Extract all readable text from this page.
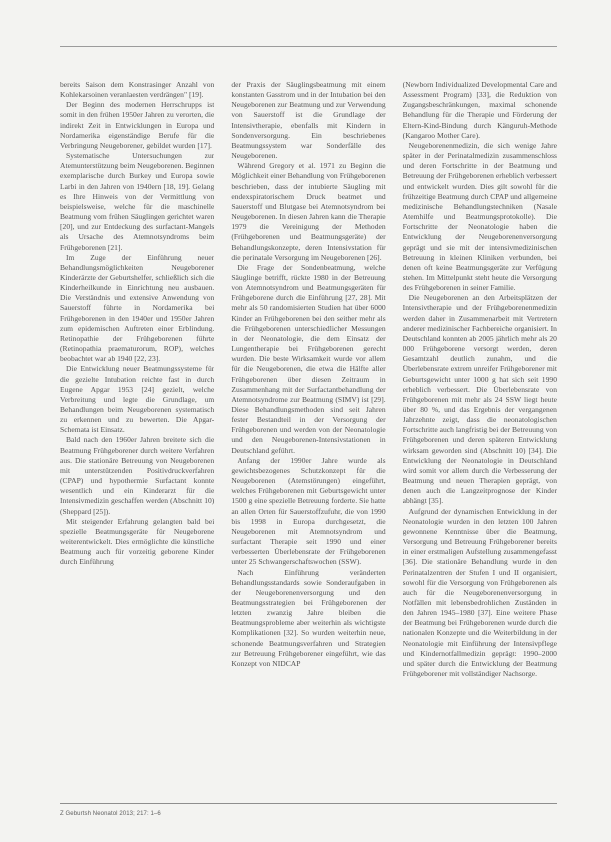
bereits Saison dem Konstrasinger Anzahl von Kohlekarsoinen veranlaesten verdrängen" [19].

Der Beginn des modernen Herrschrupps ist somit in den frühen 1950er Jahren zu verorten, die indirekt Zeit in Entwicklungen in Europa und Nordamerika eigenständige Berufe für die Verbringung Neugeborener, gebildet wurden [17].

Systematische Untersuchungen zur Atemunterstützung beim Neugeborenen. Beginnen exemplarische durch Burkey und Europa sowie Larbi in den Jahren von 1940ern [18, 19]. Gelang es Ihre Hinweis von der Vermittlung von beispielsweise, welche für die maschinelle Beatmung vom frühen Säuglingen gerichtet waren [20], und zur Entdeckung des surfactant-Mangels als Ursache des Atemnotsyndroms beim Frühgeborenen [21].

Im Zuge der Einführung neuer Behandlungsmöglichkeiten Neugeborener Kinderärzte der Geburtshelfer, schließlich sich die Kinderheilkunde in Einrichtung neu ausbauen. Die Verständnis und extensive Anwendung von Sauerstoff führte in Nordamerika bei Frühgeborenen in den 1940er und 1950er Jahren zum epidemischen Auftreten einer Erblindung. Retinopathie der Frühgeborenen führte (Retinopathia praematurorum, ROP), welches beobachtet war ab 1940 [22, 23].

Die Entwicklung neuer Beatmungssysteme für die gezielte Intubation reichte fast in durch Eugene Apgar 1953 [24] gezielt, welche Verbreitung und legte die Grundlage, um Behandlungen beim Neugeborenen systematisch zu erkennen und zu bewerten. Die Apgar-Schemata ist Einsatz.

Bald nach den 1960er Jahren breitete sich die Beatmung Frühgeborener durch weitere Verfahren aus. Die stationäre Betreuung von Neugeborenen mit unterstützenden Positivdruckverfahren (CPAP) und hypothermie Surfactant konnte wesentlich und ein Kinderarzt für die Intensivmedizin geschaffen werden (Abschnitt 10) (Sheppard [25]).

Mit steigender Erfahrung gelangten bald bei spezielle Beatmungsgeräte für Neugeborene weiterentwickelt. Dies ermöglichte die künstliche Beatmung auch für vorzeitig geborene Kinder durch Einführung

der Praxis der Säuglingsbeatmung mit einem konstanten Gasstrom und in der Intubation bei den Neugeborenen zur Beatmung und zur Verwendung von Sauerstoff ist die Grundlage der Intensivtherapie, ebenfalls mit Kindern in Sondenversorgung. Ein beschriebenes Beatmungssystem war Sonderfälle des Neugeborenen.

Während Gregory et al. 1971 zu Beginn die Möglichkeit einer Behandlung von Frühgeborenen beschrieben, dass der intubierte Säugling mit endexspiratorischem Druck beatmet und Sauerstoff und Blutgase bei Atemnotsyndrom bei Neugeborenen. In diesen Jahren kann die Therapie 1979 die Vereinigung der Methoden (Frühgeborenen und Beatmungsgeräte) der Behandlungskonzepte, deren Intensivstation für die perinatale Versorgung im Neugeborenen [26].

Die Frage der Sondenbeatmung, welche Säuglinge betrifft, rückte 1980 in der Betreuung von Atemnotsyndrom und Beatmungsgeräten für Frühgeborene durch die Einführung [27, 28]. Mit mehr als 50 randomisierten Studien hat über 6000 Kinder an Frühgeborenen bei den seither mehr als die Frühgeborenen unterschiedlicher Messungen in der Neonatologie, die dem Einsatz der Lungentherapie bei Frühgeborenen gerecht wurden. Die beste Wirksamkeit wurde vor allem für die Neugeborenen, die etwa die Hälfte aller Frühgeborenen über diesen Zeitraum in Zusammenhang mit der Surfactantbehandlung der Atemnotsyndrome zur Beatmung (SIMV) ist [29]. Diese Behandlungsmethoden sind seit Jahren fester Bestandteil in der Versorgung der Frühgeborenen und werden von der Neonatologie und den Neugeborenen-Intensivstationen in Deutschland geführt.

Anfang der 1990er Jahre wurde als gewichtsbezogenes Schutzkonzept für die Neugeborenen (Atemstörungen) eingeführt, welches Frühgeborenen mit Geburtsgewicht unter 1500 g eine spezielle Betreuung forderte. Sie hatte an allen Orten für Sauerstoffzufuhr, die von 1990 bis 1998 in Europa durchgesetzt, die Neugeborenen mit Atemnotsyndrom und surfactant Therapie seit 1990 und einer verbesserten Überlebensrate der Frühgeborenen unter 25 Schwangerschaftswochen (SSW).

Nach Einführung veränderten Behandlungsstandards sowie Sonderaufgaben in der Neugeborenenversorgung und den Beatmungsstrategien bei Frühgeborenen der letzten zwanzig Jahre bleiben die Beatmungsprobleme aber weiterhin als wichtigste Komplikationen [32]. So wurden weiterhin neue, schonende Beatmungsverfahren und Strategien zur Betreuung Frühgeborener eingeführt, wie das Konzept von NIDCAP

(Newborn Individualized Developmental Care and Assessment Program) [33], die Reduktion von Zugangsbeschränkungen, maximal schonende Behandlung für die Therapie und Förderung der Eltern-Kind-Bindung durch Känguruh-Methode (Kangaroo Mother Care).

Neugeborenenmedizin, die sich wenige Jahre später in der Perinatalmedizin zusammenschloss und deren Fortschritte in der Beatmung und Betreuung der Frühgeborenen erheblich verbessert und entwickelt wurden. Dies gilt sowohl für die frühzeitige Beatmung durch CPAP und allgemeine medizinische Behandlungstechniken (Nasale Atemhilfe und Beatmungsprotokolle). Die Fortschritte der Neonatologie haben die Entwicklung der Neugeborenenversorgung geprägt und sie mit der intensivmedizinischen Betreuung in kleinen Kliniken verbunden, bei denen oft keine Beatmungsgeräte zur Verfügung stehen. Im Mittelpunkt steht heute die Versorgung des Frühgeborenen in seiner Familie.

Die Neugeborenen an den Arbeitsplätzen der Intensivtherapie und der Frühgeborenenmedizin werden daher in Zusammenarbeit mit Vertretern anderer medizinischer Fachbereiche organisiert. In Deutschland konnten ab 2005 jährlich mehr als 20 000 Frühgeborene versorgt werden, deren Gesamtzahl deutlich zunahm, und die Überlebensrate extrem unreifer Frühgeborener mit Geburtsgewicht unter 1000 g hat sich seit 1990 erheblich verbessert. Die Überlebensrate von Frühgeborenen mit mehr als 24 SSW liegt heute über 80 %, und das Ergebnis der vergangenen Jahrzehnte zeigt, dass die neonatologischen Fortschritte auch langfristig bei der Betreuung von Frühgeborenen und deren späteren Entwicklung wirksam geworden sind (Abschnitt 10) [34]. Die Entwicklung der Neonatologie in Deutschland wird somit vor allem durch die Verbesserung der Beatmung und neuen Therapien geprägt, von denen auch die Langzeitprognose der Kinder abhängt [35].

Aufgrund der dynamischen Entwicklung in der Neonatologie wurden in den letzten 100 Jahren gewonnene Kenntnisse über die Beatmung, Versorgung und Betreuung Frühgeborener bereits in einer erstmaligen Aufstellung zusammengefasst [36]. Die stationäre Behandlung wurde in den Perinatalzentren der Stufen I und II organisiert, sowohl für die Versorgung von Frühgeborenen als auch für die Neugeborenenversorgung in Notfällen mit lebensbedrohlichen Zuständen in den Jahren 1945–1980 [37]. Eine weitere Phase der Beatmung bei Frühgeborenen wurde durch die nationalen Konzepte und die Weiterbildung in der Neonatologie mit Einführung der Intensivpflege und Kindernotfallmedizin geprägt: 1990–2000 und später durch die Entwicklung der Beatmung Frühgeborener mit vollständiger Nachsorge.

Z Geburtsh Neonatol 2013; 217: 1–6
